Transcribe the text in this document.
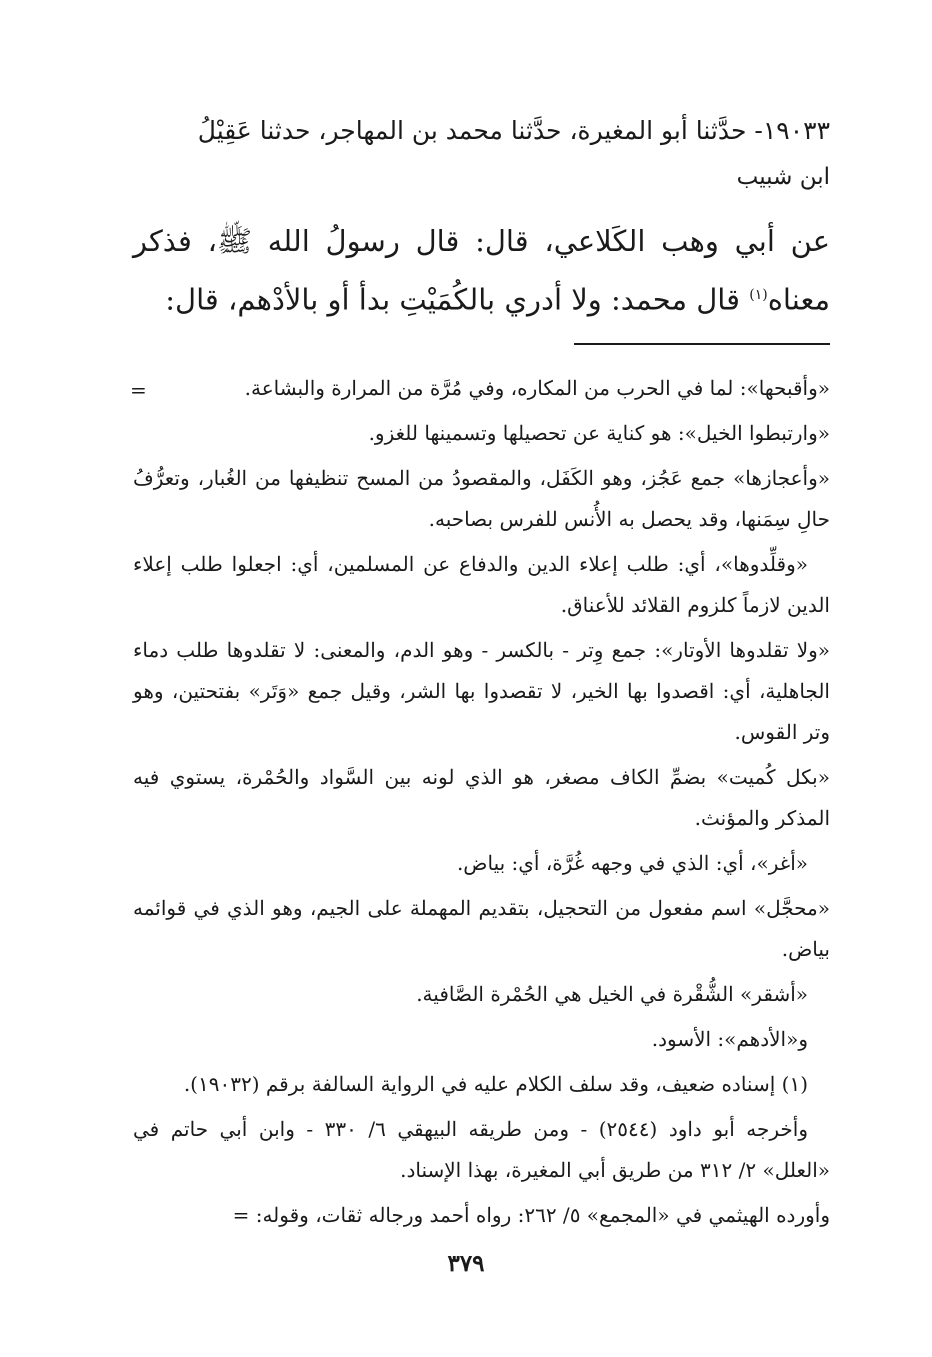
١٩٠٣٣- حدَّثنا أبو المغيرة، حدَّثنا محمد بن المهاجر، حدثنا عَقِيْلُ
ابن شبيب

عن أبي وهب الكَلاعي، قال: قال رسولُ الله ﷺ، فذكر معناه$^{(١)}$ قال محمد: ولا أدري بالكُمَيْتِ بدأ أو بالأدْهم، قال:

=	«وأقبحها»: لما في الحرب من المكاره، وفي مُرَّة من المرارة والبشاعة.

«وارتبطوا الخيل»: هو كناية عن تحصيلها وتسمينها للغزو.

«وأعجازها» جمع عَجُز، وهو الكَفَل، والمقصودُ من المسح تنظيفها من الغُبار، وتعرُّفُ حالِ سِمَنها، وقد يحصل به الأُنس للفرس بصاحبه.

«وقلِّدوها»، أي: طلب إعلاء الدين والدفاع عن المسلمين، أي: اجعلوا طلب إعلاء الدين لازماً كلزوم القلائد للأعناق.

«ولا تقلدوها الأوتار»: جمع وِتر - بالكسر - وهو الدم، والمعنى: لا تقلدوها طلب دماء الجاهلية، أي: اقصدوا بها الخير، لا تقصدوا بها الشر، وقيل جمع «وَتَر» بفتحتين، وهو وتر القوس.

«بكل كُميت» بضمِّ الكاف مصغر، هو الذي لونه بين السَّواد والحُمْرة، يستوي فيه المذكر والمؤنث.

«أغر»، أي: الذي في وجهه غُرَّة، أي: بياض.

«محجَّل» اسم مفعول من التحجيل، بتقديم المهملة على الجيم، وهو الذي في قوائمه بياض.

«أشقر» الشُّقْرة في الخيل هي الحُمْرة الصَّافية.

و«الأدهم»: الأسود.

(١) إسناده ضعيف، وقد سلف الكلام عليه في الرواية السالفة برقم (١٩٠٣٢).

وأخرجه أبو داود (٢٥٤٤) - ومن طريقه البيهقي ٦/ ٣٣٠ - وابن أبي حاتم في «العلل» ٢/ ٣١٢ من طريق أبي المغيرة، بهذا الإسناد.

وأورده الهيثمي في «المجمع» ٥/ ٢٦٢: رواه أحمد ورجاله ثقات، وقوله: =

٣٧٩
